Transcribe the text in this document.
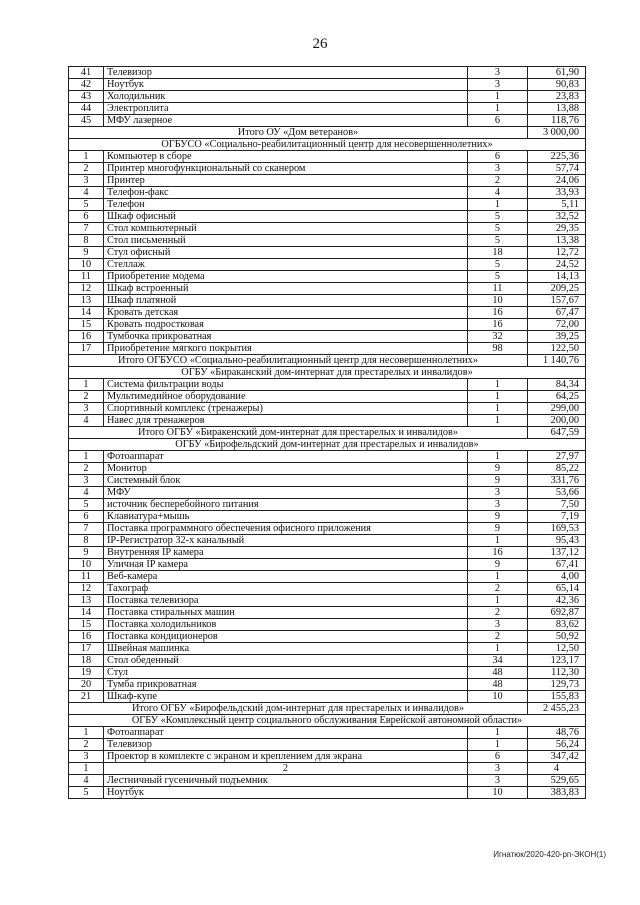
26
41	Телевизор	3	61,90
42	Ноутбук	3	90,83
43	Холодильник	1	23,83
44	Электроплита	1	13,88
45	МФУ лазерное	6	118,76
Итого ОУ «Дом ветеранов»			3 000,00
ОГБУСО «Социально-реабилитационный центр для несовершеннолетних»			
1	Компьютер в сборе	6	225,36
2	Принтер многофункциональный со сканером	3	57,74
3	Принтер	2	24,06
4	Телефон-факс	4	33,93
5	Телефон	1	5,11
6	Шкаф офисный	5	32,52
7	Стол компьютерный	5	29,35
8	Стол письменный	5	13,38
9	Стул офисный	18	12,72
10	Стеллаж	5	24,52
11	Приобретение модема	5	14,13
12	Шкаф встроенный	11	209,25
13	Шкаф платяной	10	157,67
14	Кровать детская	16	67,47
15	Кровать подростковая	16	72,00
16	Тумбочка прикроватная	32	39,25
17	Приобретение мягкого покрытия	98	122,50
Итого ОГБУСО «Социально-реабилитационный центр для несовершеннолетних»			1 140,76
ОГБУ «Бираканский дом-интернат для престарелых и инвалидов»			
1	Система фильтрации воды	1	84,34
2	Мультимедийное оборудование	1	64,25
3	Спортивный комплекс (тренажеры)	1	299,00
4	Навес для тренажеров	1	200,00
Итого ОГБУ «Биракенский дом-интернат для престарелых и инвалидов»			647,59
ОГБУ «Бирофельдский дом-интернат для престарелых и инвалидов»			
1	Фотоаппарат	1	27,97
2	Монитор	9	85,22
3	Системный блок	9	331,76
4	МФУ	3	53,66
5	источник бесперебойного питания	3	7,50
6	Клавиатура+мышь	9	7,19
7	Поставка программного обеспечения офисного приложения	9	169,53
8	IP-Регистратор 32-х канальный	1	95,43
9	Внутренняя IP камера	16	137,12
10	Уличная IP камера	9	67,41
11	Веб-камера	1	4,00
12	Тахограф	2	65,14
13	Поставка телевизора	1	42,36
14	Поставка стиральных машин	2	692,87
15	Поставка холодильников	3	83,62
16	Поставка кондиционеров	2	50,92
17	Швейная машинка	1	12,50
18	Стол обеденный	34	123,17
19	Стул	48	112,30
20	Тумба прикроватная	48	129,73
21	Шкаф-купе	10	155,83
Итого ОГБУ «Бирофельдский дом-интернат для престарелых и инвалидов»			2 455,23
ОГБУ «Комплексный центр социального обслуживания Еврейской автономной области»			
1	Фотоаппарат	1	48,76
2	Телевизор	1	56,24
3	Проектор в комплекте с экраном и креплением для экрана	6	347,42
1	2	3	4
4	Лестничный гусеничный подъемник	3	529,65
5	Ноутбук	10	383,83
Игнатюк/2020-420-рп-ЭКОН(1)
